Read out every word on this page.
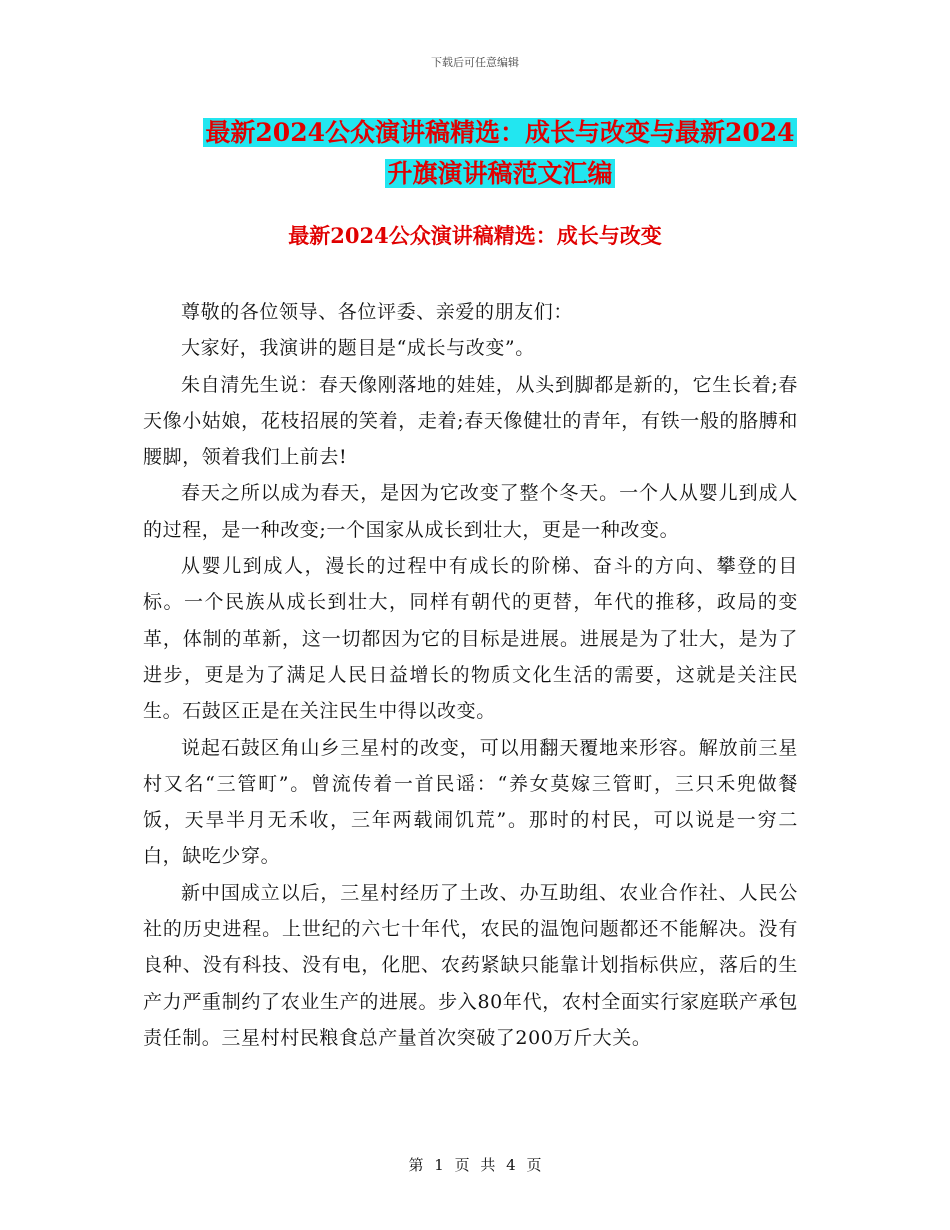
下载后可任意编辑
最新2024公众演讲稿精选：成长与改变与最新2024
升旗演讲稿范文汇编
最新2024公众演讲稿精选：成长与改变

尊敬的各位领导、各位评委、亲爱的朋友们：

大家好，我演讲的题目是“成长与改变”。

朱自清先生说：春天像刚落地的娃娃，从头到脚都是新的，它生长着;春天像小姑娘，花枝招展的笑着，走着;春天像健壮的青年，有铁一般的胳膊和腰脚，领着我们上前去!

春天之所以成为春天，是因为它改变了整个冬天。一个人从婴儿到成人的过程，是一种改变;一个国家从成长到壮大，更是一种改变。

从婴儿到成人，漫长的过程中有成长的阶梯、奋斗的方向、攀登的目标。一个民族从成长到壮大，同样有朝代的更替，年代的推移，政局的变革，体制的革新，这一切都因为它的目标是进展。进展是为了壮大，是为了进步，更是为了满足人民日益增长的物质文化生活的需要，这就是关注民生。石鼓区正是在关注民生中得以改变。

说起石鼓区角山乡三星村的改变，可以用翻天覆地来形容。解放前三星村又名“三管町”。曾流传着一首民谣：“养女莫嫁三管町，三只禾兜做餐饭，天旱半月无禾收，三年两载闹饥荒”。那时的村民，可以说是一穷二白，缺吃少穿。

新中国成立以后，三星村经历了土改、办互助组、农业合作社、人民公社的历史进程。上世纪的六七十年代，农民的温饱问题都还不能解决。没有良种、没有科技、没有电，化肥、农药紧缺只能靠计划指标供应，落后的生产力严重制约了农业生产的进展。步入80年代，农村全面实行家庭联产承包责任制。三星村村民粮食总产量首次突破了200万斤大关。

第 1 页 共 4 页
